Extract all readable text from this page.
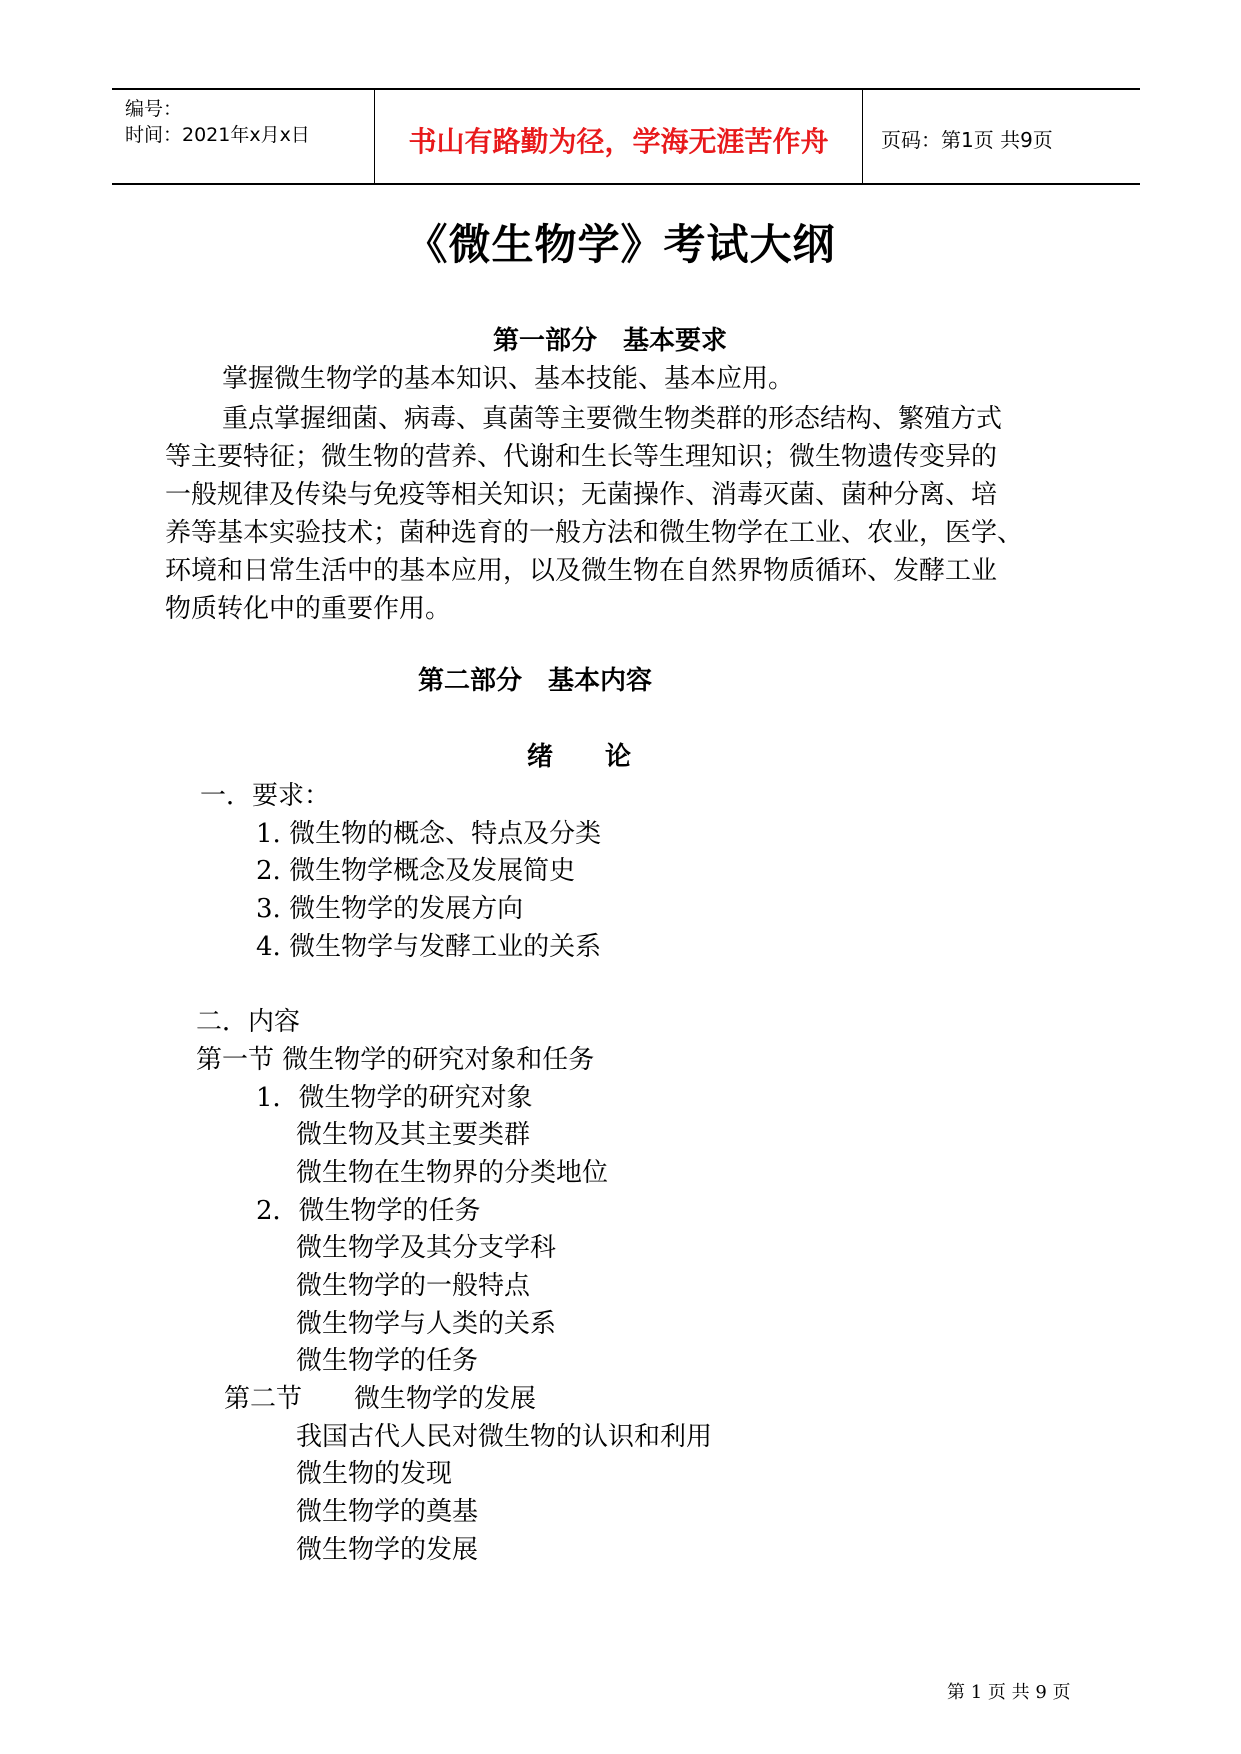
编号：
时间：2021年x月x日	书山有路勤为径，学海无涯苦作舟	页码：第1页 共9页
《微生物学》考试大纲
第一部分　基本要求
掌握微生物学的基本知识、基本技能、基本应用。
重点掌握细菌、病毒、真菌等主要微生物类群的形态结构、繁殖方式
等主要特征；微生物的营养、代谢和生长等生理知识；微生物遗传变异的
一般规律及传染与免疫等相关知识；无菌操作、消毒灭菌、菌种分离、培
养等基本实验技术；菌种选育的一般方法和微生物学在工业、农业，医学、
环境和日常生活中的基本应用，以及微生物在自然界物质循环、发酵工业
物质转化中的重要作用。
第二部分　基本内容
绪　　论
一．要求：
1. 微生物的概念、特点及分类
2. 微生物学概念及发展简史
3. 微生物学的发展方向
4. 微生物学与发酵工业的关系
二．内容
第一节 微生物学的研究对象和任务
1．微生物学的研究对象
微生物及其主要类群
微生物在生物界的分类地位
2．微生物学的任务
微生物学及其分支学科
微生物学的一般特点
微生物学与人类的关系
微生物学的任务
第二节　　微生物学的发展
我国古代人民对微生物的认识和利用
微生物的发现
微生物学的奠基
微生物学的发展
第 1 页 共 9 页
